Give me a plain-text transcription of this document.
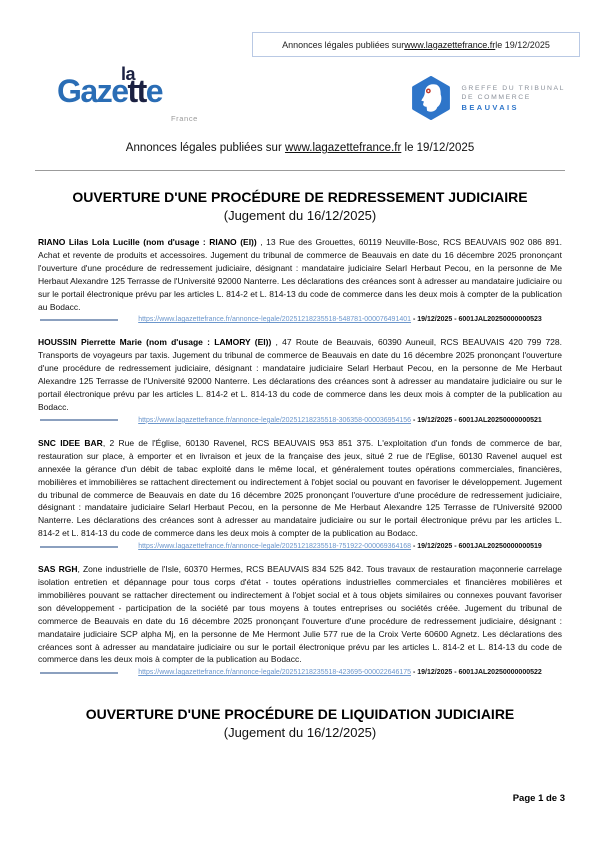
Annonces légales publiées sur www.lagazettefrance.fr le 19/12/2025
la
Gazette
France
GREFFE DU TRIBUNAL
DE COMMERCE
BEAUVAIS
Annonces légales publiées sur www.lagazettefrance.fr le 19/12/2025
OUVERTURE D'UNE PROCÉDURE DE REDRESSEMENT JUDICIAIRE
(Jugement du 16/12/2025)

RIANO Lilas Lola Lucille (nom d'usage : RIANO (EI)) , 13 Rue des Grouettes, 60119 Neuville-Bosc, RCS BEAUVAIS 902 086 891. Achat et revente de produits et accessoires. Jugement du tribunal de commerce de Beauvais en date du 16 décembre 2025 prononçant l'ouverture d'une procédure de redressement judiciaire, désignant : mandataire judiciaire Selarl Herbaut Pecou, en la personne de Me Herbaut Alexandre 125 Terrasse de l'Université 92000 Nanterre. Les déclarations des créances sont à adresser au mandataire judiciaire ou sur le portail électronique prévu par les articles L. 814-2 et L. 814-13 du code de commerce dans les deux mois à compter de la publication au Bodacc.

https://www.lagazettefrance.fr/annonce-legale/20251218235518-548781-000076491401 - 19/12/2025 - 6001JAL20250000000523

HOUSSIN Pierrette Marie (nom d'usage : LAMORY (EI)) , 47 Route de Beauvais, 60390 Auneuil, RCS BEAUVAIS 420 799 728. Transports de voyageurs par taxis. Jugement du tribunal de commerce de Beauvais en date du 16 décembre 2025 prononçant l'ouverture d'une procédure de redressement judiciaire, désignant : mandataire judiciaire Selarl Herbaut Pecou, en la personne de Me Herbaut Alexandre 125 Terrasse de l'Université 92000 Nanterre. Les déclarations des créances sont à adresser au mandataire judiciaire ou sur le portail électronique prévu par les articles L. 814-2 et L. 814-13 du code de commerce dans les deux mois à compter de la publication au Bodacc.

https://www.lagazettefrance.fr/annonce-legale/20251218235518-306358-000036954156 - 19/12/2025 - 6001JAL20250000000521

SNC IDEE BAR, 2 Rue de l'Église, 60130 Ravenel, RCS BEAUVAIS 953 851 375. L'exploitation d'un fonds de commerce de bar, restauration sur place, à emporter et en livraison et jeux de la française des jeux, situé 2 rue de l'Eglise, 60130 Ravenel auquel est annexée la gérance d'un débit de tabac exploité dans le même local, et généralement toutes opérations commerciales, financières, mobilières et immobilières se rattachent directement ou indirectement à l'objet social ou pouvant en favoriser le développement. Jugement du tribunal de commerce de Beauvais en date du 16 décembre 2025 prononçant l'ouverture d'une procédure de redressement judiciaire, désignant : mandataire judiciaire Selarl Herbaut Pecou, en la personne de Me Herbaut Alexandre 125 Terrasse de l'Université 92000 Nanterre. Les déclarations des créances sont à adresser au mandataire judiciaire ou sur le portail électronique prévu par les articles L. 814-2 et L. 814-13 du code de commerce dans les deux mois à compter de la publication au Bodacc.

https://www.lagazettefrance.fr/annonce-legale/20251218235518-751922-000069364168 - 19/12/2025 - 6001JAL20250000000519

SAS RGH, Zone industrielle de l'Isle, 60370 Hermes, RCS BEAUVAIS 834 525 842. Tous travaux de restauration maçonnerie carrelage isolation entretien et dépannage pour tous corps d'état - toutes opérations industrielles commerciales et financières mobilières et immobilières pouvant se rattacher directement ou indirectement à l'objet social et à tous objets similaires ou connexes pouvant favoriser son développement - participation de la société par tous moyens à toutes entreprises ou sociétés créée. Jugement du tribunal de commerce de Beauvais en date du 16 décembre 2025 prononçant l'ouverture d'une procédure de redressement judiciaire, désignant : mandataire judiciaire SCP alpha Mj, en la personne de Me Hermont Julie 577 rue de la Croix Verte 60600 Agnetz. Les déclarations des créances sont à adresser au mandataire judiciaire ou sur le portail électronique prévu par les articles L. 814-2 et L. 814-13 du code de commerce dans les deux mois à compter de la publication au Bodacc.

https://www.lagazettefrance.fr/annonce-legale/20251218235518-423695-000022646175 - 19/12/2025 - 6001JAL20250000000522
OUVERTURE D'UNE PROCÉDURE DE LIQUIDATION JUDICIAIRE
(Jugement du 16/12/2025)
Page 1 de 3
